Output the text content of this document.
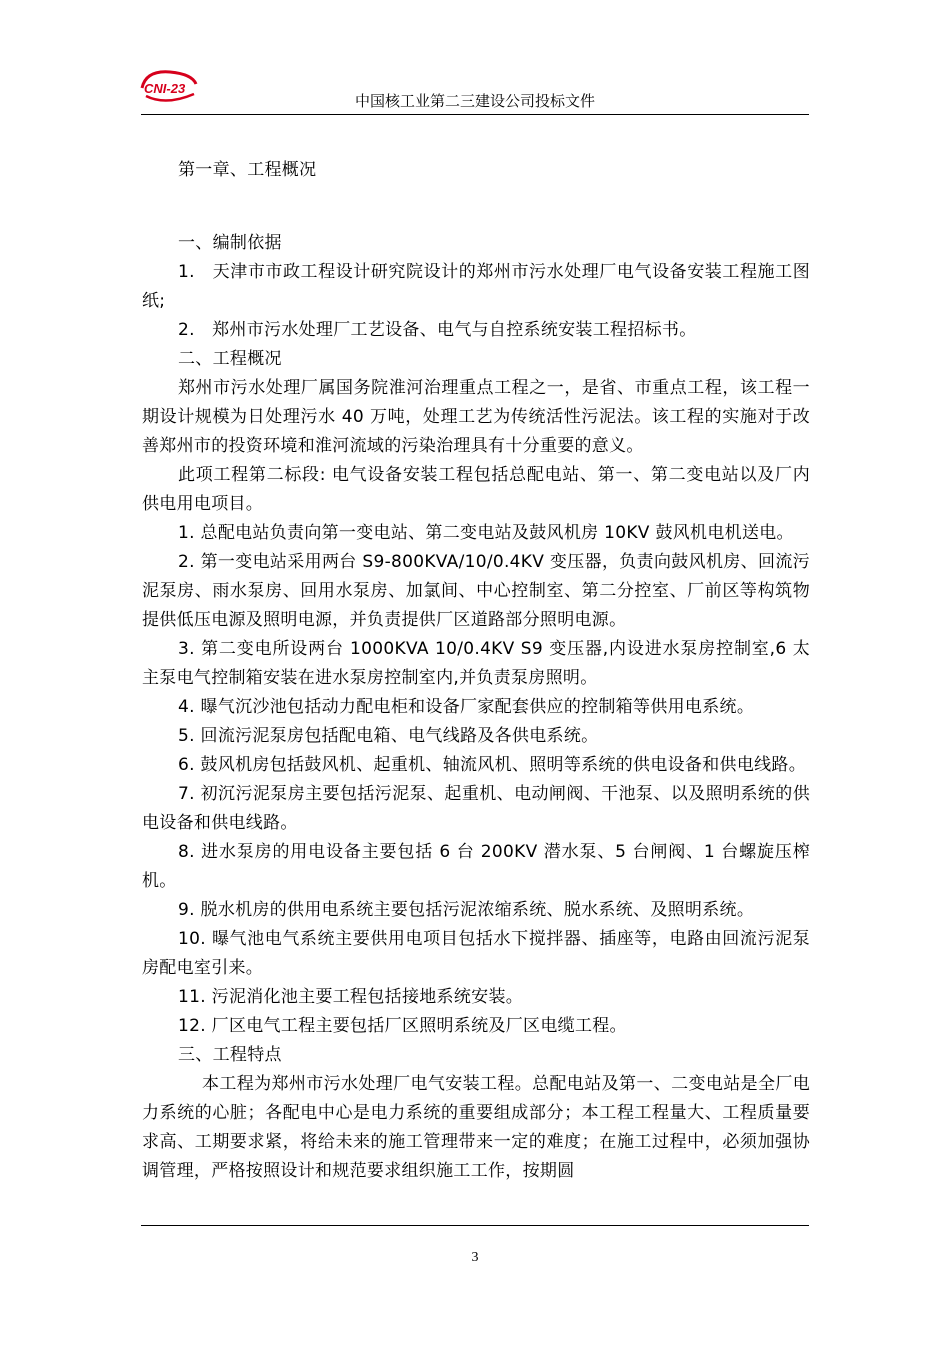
CNI-23
中国核工业第二三建设公司投标文件
第一章、工程概况
一、编制依据

1.　天津市市政工程设计研究院设计的郑州市污水处理厂电气设备安装工程施工图纸;

2.　郑州市污水处理厂工艺设备、电气与自控系统安装工程招标书。

二、工程概况

郑州市污水处理厂属国务院淮河治理重点工程之一，是省、市重点工程，该工程一期设计规模为日处理污水 40 万吨，处理工艺为传统活性污泥法。该工程的实施对于改善郑州市的投资环境和淮河流域的污染治理具有十分重要的意义。

此项工程第二标段: 电气设备安装工程包括总配电站、第一、第二变电站以及厂内供电用电项目。

1. 总配电站负责向第一变电站、第二变电站及鼓风机房 10KV 鼓风机电机送电。

2. 第一变电站采用两台 S9-800KVA/10/0.4KV 变压器，负责向鼓风机房、回流污泥泵房、雨水泵房、回用水泵房、加氯间、中心控制室、第二分控室、厂前区等构筑物提供低压电源及照明电源，并负责提供厂区道路部分照明电源。

3. 第二变电所设两台 1000KVA 10/0.4KV S9 变压器,内设进水泵房控制室,6 太主泵电气控制箱安装在进水泵房控制室内,并负责泵房照明。

4. 曝气沉沙池包括动力配电柜和设备厂家配套供应的控制箱等供用电系统。

5. 回流污泥泵房包括配电箱、电气线路及各供电系统。

6. 鼓风机房包括鼓风机、起重机、轴流风机、照明等系统的供电设备和供电线路。

7. 初沉污泥泵房主要包括污泥泵、起重机、电动闸阀、干池泵、以及照明系统的供电设备和供电线路。

8. 进水泵房的用电设备主要包括 6 台 200KV 潜水泵、5 台闸阀、1 台螺旋压榨机。

9. 脱水机房的供用电系统主要包括污泥浓缩系统、脱水系统、及照明系统。

10. 曝气池电气系统主要供用电项目包括水下搅拌器、插座等，电路由回流污泥泵房配电室引来。

11. 污泥消化池主要工程包括接地系统安装。

12. 厂区电气工程主要包括厂区照明系统及厂区电缆工程。

三、工程特点

本工程为郑州市污水处理厂电气安装工程。总配电站及第一、二变电站是全厂电力系统的心脏；各配电中心是电力系统的重要组成部分；本工程工程量大、工程质量要求高、工期要求紧，将给未来的施工管理带来一定的难度；在施工过程中，必须加强协调管理，严格按照设计和规范要求组织施工工作，按期圆

3
